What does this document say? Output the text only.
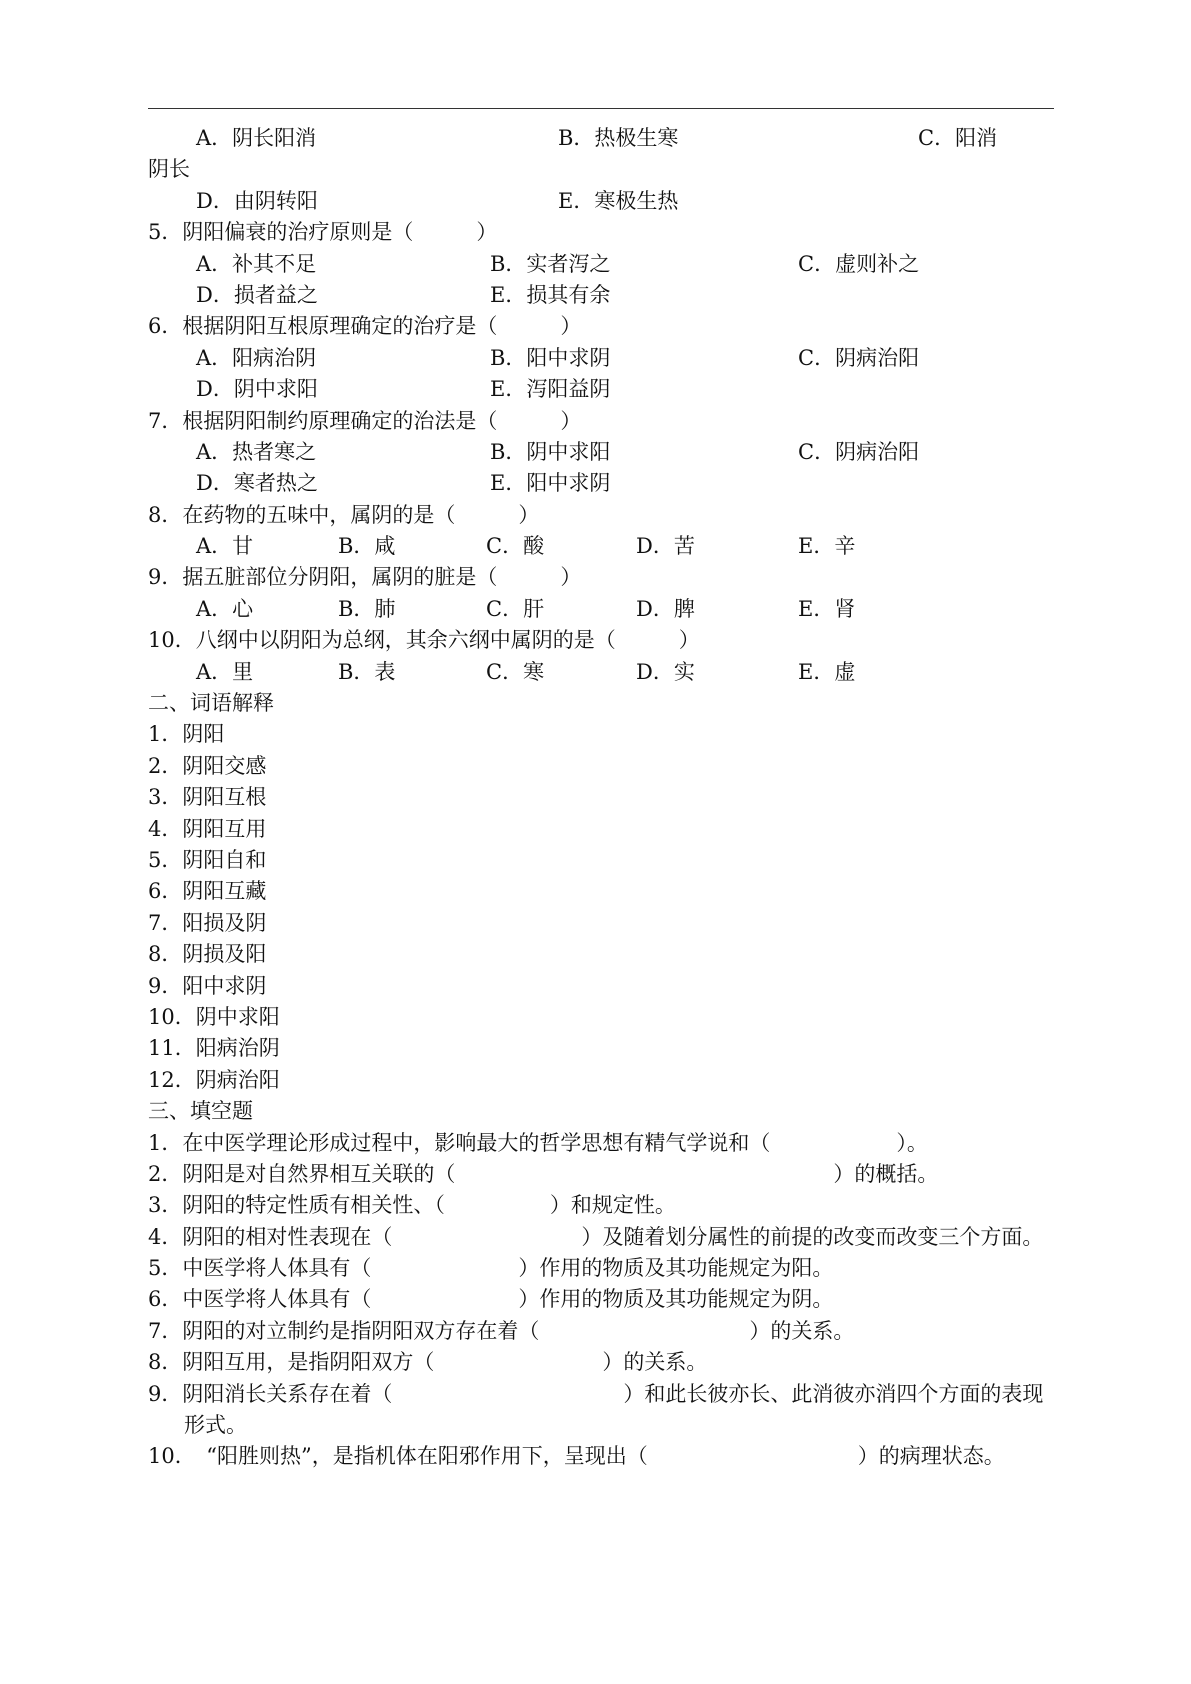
A．阴长阳消	B．热极生寒	C．阳消
阴长
D．由阴转阳	E．寒极生热
5．阴阳偏衰的治疗原则是（　　　）
A．补其不足	B．实者泻之	C．虚则补之
D．损者益之	E．损其有余
6．根据阴阳互根原理确定的治疗是（　　　）
A．阳病治阴	B．阳中求阴	C．阴病治阳
D．阴中求阳	E．泻阳益阴
7．根据阴阳制约原理确定的治法是（　　　）
A．热者寒之	B．阴中求阳	C．阴病治阳
D．寒者热之	E．阳中求阴
8．在药物的五味中，属阴的是（　　　）
A．甘	B．咸	C．酸	D．苦	E．辛
9．据五脏部位分阴阳，属阴的脏是（　　　）
A．心	B．肺	C．肝	D．脾	E．肾
10．八纲中以阴阳为总纲，其余六纲中属阴的是（　　　）
A．里	B．表	C．寒	D．实	E．虚
二、词语解释
1．阴阳
2．阴阳交感
3．阴阳互根
4．阴阳互用
5．阴阳自和
6．阴阳互藏
7．阳损及阴
8．阴损及阳
9．阳中求阴
10．阴中求阳
11．阳病治阴
12．阴病治阳
三、填空题
1．在中医学理论形成过程中，影响最大的哲学思想有精气学说和（　　　　　　）。
2．阴阳是对自然界相互关联的（　　　　　　　　　　　　　　　　　　）的概括。
3．阴阳的特定性质有相关性、（　　　　　）和规定性。
4．阴阳的相对性表现在（　　　　　　　　　）及随着划分属性的前提的改变而改变三个方面。
5．中医学将人体具有（　　　　　　　）作用的物质及其功能规定为阳。
6．中医学将人体具有（　　　　　　　）作用的物质及其功能规定为阴。
7．阴阳的对立制约是指阴阳双方存在着（　　　　　　　　　　）的关系。
8．阴阳互用，是指阴阳双方（　　　　　　　　）的关系。
9．阴阳消长关系存在着（　　　　　　　　　　　）和此长彼亦长、此消彼亦消四个方面的表现形式。
10．　“阳胜则热”，是指机体在阳邪作用下，呈现出（　　　　　　　　　　）的病理状态。
